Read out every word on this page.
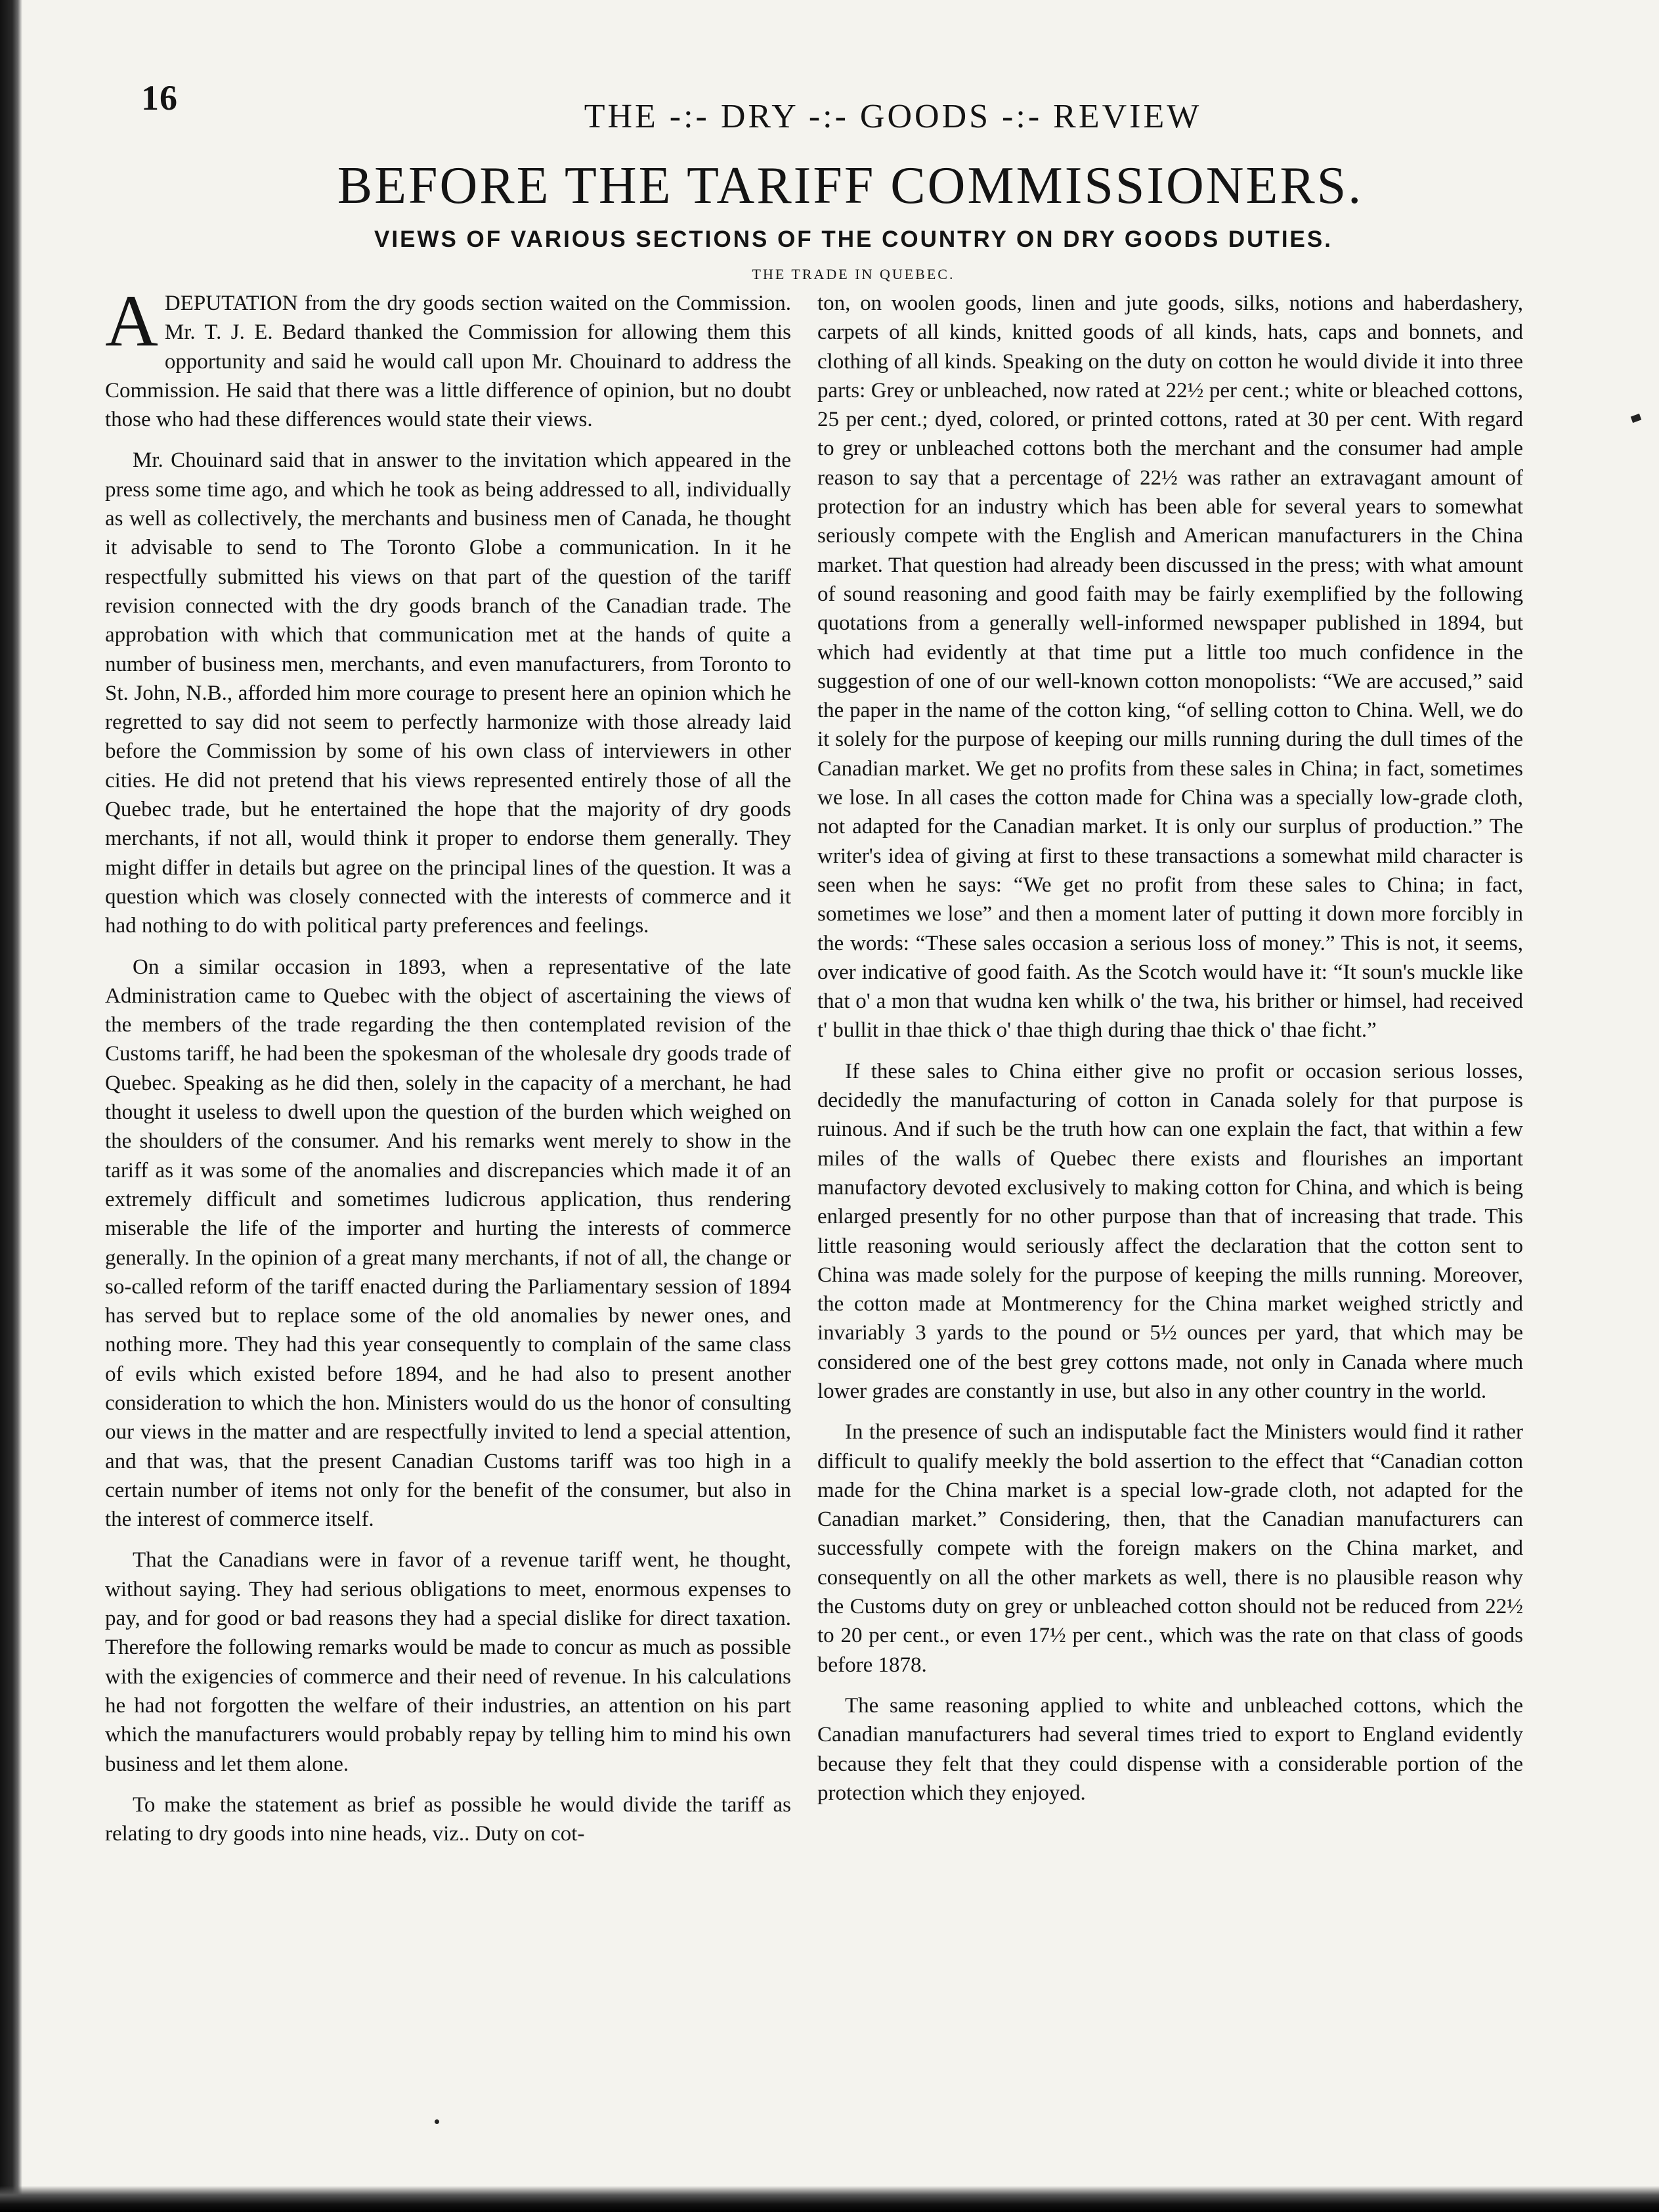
16	THE -:- DRY -:- GOODS -:- REVIEW
BEFORE THE TARIFF COMMISSIONERS.
VIEWS OF VARIOUS SECTIONS OF THE COUNTRY ON DRY GOODS DUTIES.
THE TRADE IN QUEBEC.

A DEPUTATION from the dry goods section waited on the Commission. Mr. T. J. E. Bedard thanked the Commission for allowing them this opportunity and said he would call upon Mr. Chouinard to address the Commission. He said that there was a little difference of opinion, but no doubt those who had these differences would state their views.

Mr. Chouinard said that in answer to the invitation which appeared in the press some time ago, and which he took as being addressed to all, individually as well as collectively, the merchants and business men of Canada, he thought it advisable to send to The Toronto Globe a communication. In it he respectfully submitted his views on that part of the question of the tariff revision connected with the dry goods branch of the Canadian trade. The approbation with which that communication met at the hands of quite a number of business men, merchants, and even manufacturers, from Toronto to St. John, N.B., afforded him more courage to present here an opinion which he regretted to say did not seem to perfectly harmonize with those already laid before the Commission by some of his own class of interviewers in other cities. He did not pretend that his views represented entirely those of all the Quebec trade, but he entertained the hope that the majority of dry goods merchants, if not all, would think it proper to endorse them generally. They might differ in details but agree on the principal lines of the question. It was a question which was closely connected with the interests of commerce and it had nothing to do with political party preferences and feelings.

On a similar occasion in 1893, when a representative of the late Administration came to Quebec with the object of ascertaining the views of the members of the trade regarding the then contemplated revision of the Customs tariff, he had been the spokesman of the wholesale dry goods trade of Quebec. Speaking as he did then, solely in the capacity of a merchant, he had thought it useless to dwell upon the question of the burden which weighed on the shoulders of the consumer. And his remarks went merely to show in the tariff as it was some of the anomalies and discrepancies which made it of an extremely difficult and sometimes ludicrous application, thus rendering miserable the life of the importer and hurting the interests of commerce generally. In the opinion of a great many merchants, if not of all, the change or so-called reform of the tariff enacted during the Parliamentary session of 1894 has served but to replace some of the old anomalies by newer ones, and nothing more. They had this year consequently to complain of the same class of evils which existed before 1894, and he had also to present another consideration to which the hon. Ministers would do us the honor of consulting our views in the matter and are respectfully invited to lend a special attention, and that was, that the present Canadian Customs tariff was too high in a certain number of items not only for the benefit of the consumer, but also in the interest of commerce itself.

That the Canadians were in favor of a revenue tariff went, he thought, without saying. They had serious obligations to meet, enormous expenses to pay, and for good or bad reasons they had a special dislike for direct taxation. Therefore the following remarks would be made to concur as much as possible with the exigencies of commerce and their need of revenue. In his calculations he had not forgotten the welfare of their industries, an attention on his part which the manufacturers would probably repay by telling him to mind his own business and let them alone.

To make the statement as brief as possible he would divide the tariff as relating to dry goods into nine heads, viz.. Duty on cot-

ton, on woolen goods, linen and jute goods, silks, notions and haberdashery, carpets of all kinds, knitted goods of all kinds, hats, caps and bonnets, and clothing of all kinds. Speaking on the duty on cotton he would divide it into three parts: Grey or unbleached, now rated at 22½ per cent.; white or bleached cottons, 25 per cent.; dyed, colored, or printed cottons, rated at 30 per cent. With regard to grey or unbleached cottons both the merchant and the consumer had ample reason to say that a percentage of 22½ was rather an extravagant amount of protection for an industry which has been able for several years to somewhat seriously compete with the English and American manufacturers in the China market. That question had already been discussed in the press; with what amount of sound reasoning and good faith may be fairly exemplified by the following quotations from a generally well-informed newspaper published in 1894, but which had evidently at that time put a little too much confidence in the suggestion of one of our well-known cotton monopolists: “We are accused,” said the paper in the name of the cotton king, “of selling cotton to China. Well, we do it solely for the purpose of keeping our mills running during the dull times of the Canadian market. We get no profits from these sales in China; in fact, sometimes we lose. In all cases the cotton made for China was a specially low-grade cloth, not adapted for the Canadian market. It is only our surplus of production.” The writer's idea of giving at first to these transactions a somewhat mild character is seen when he says: “We get no profit from these sales to China; in fact, sometimes we lose” and then a moment later of putting it down more forcibly in the words: “These sales occasion a serious loss of money.” This is not, it seems, over indicative of good faith. As the Scotch would have it: “It soun's muckle like that o' a mon that wudna ken whilk o' the twa, his brither or himsel, had received t' bullit in thae thick o' thae thigh during thae thick o' thae ficht.”

If these sales to China either give no profit or occasion serious losses, decidedly the manufacturing of cotton in Canada solely for that purpose is ruinous. And if such be the truth how can one explain the fact, that within a few miles of the walls of Quebec there exists and flourishes an important manufactory devoted exclusively to making cotton for China, and which is being enlarged presently for no other purpose than that of increasing that trade. This little reasoning would seriously affect the declaration that the cotton sent to China was made solely for the purpose of keeping the mills running. Moreover, the cotton made at Montmerency for the China market weighed strictly and invariably 3 yards to the pound or 5½ ounces per yard, that which may be considered one of the best grey cottons made, not only in Canada where much lower grades are constantly in use, but also in any other country in the world.

In the presence of such an indisputable fact the Ministers would find it rather difficult to qualify meekly the bold assertion to the effect that “Canadian cotton made for the China market is a special low-grade cloth, not adapted for the Canadian market.” Considering, then, that the Canadian manufacturers can successfully compete with the foreign makers on the China market, and consequently on all the other markets as well, there is no plausible reason why the Customs duty on grey or unbleached cotton should not be reduced from 22½ to 20 per cent., or even 17½ per cent., which was the rate on that class of goods before 1878.

The same reasoning applied to white and unbleached cottons, which the Canadian manufacturers had several times tried to export to England evidently because they felt that they could dispense with a considerable portion of the protection which they enjoyed.
